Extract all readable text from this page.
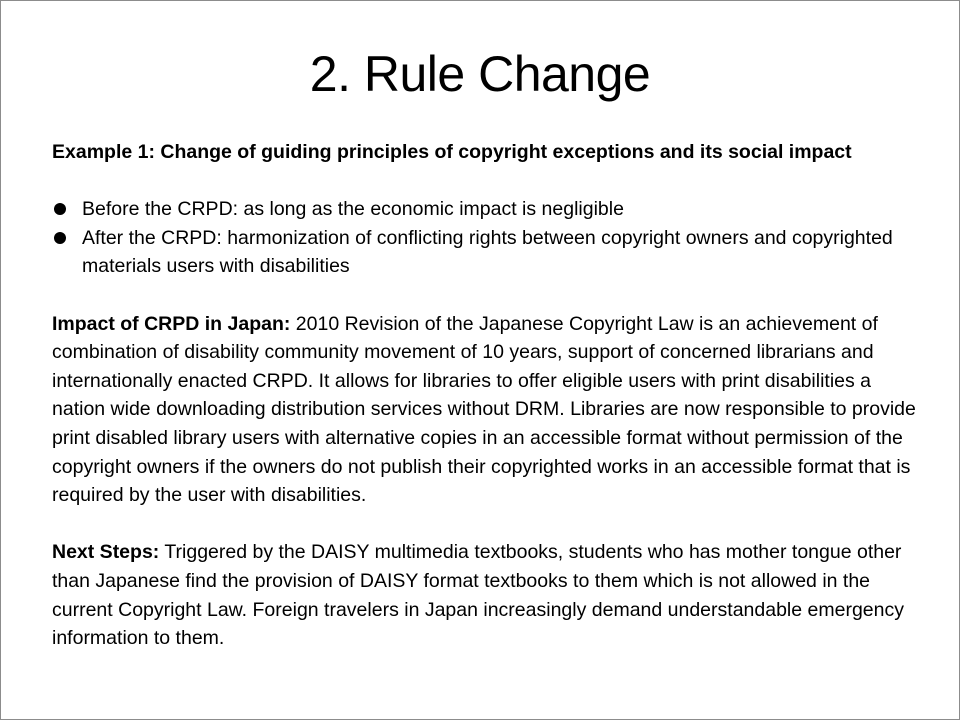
2. Rule Change

Example 1: Change of guiding principles of copyright exceptions and its social impact

Before the CRPD: as long as the economic impact is negligible
After the CRPD: harmonization of conflicting rights between copyright owners and copyrighted materials users with disabilities

Impact of CRPD in Japan: 2010 Revision of the Japanese Copyright Law is an achievement of combination of disability community movement of 10 years, support of concerned librarians and internationally enacted CRPD. It allows for libraries to offer eligible users with print disabilities a nation wide downloading distribution services without DRM. Libraries are now responsible to provide print disabled library users with alternative copies in an accessible format without permission of the copyright owners if the owners do not publish their copyrighted works in an accessible format that is required by the user with disabilities.

Next Steps: Triggered by the DAISY multimedia textbooks, students who has mother tongue other than Japanese find the provision of DAISY format textbooks to them which is not allowed in the current Copyright Law. Foreign travelers in Japan increasingly demand understandable emergency information to them.
